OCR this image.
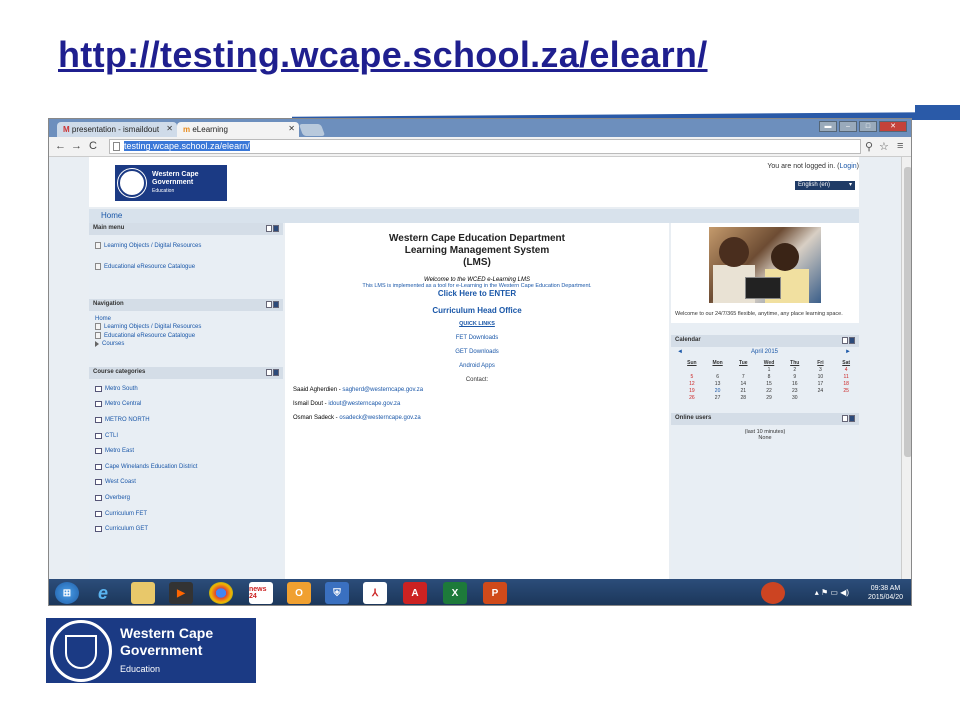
http://testing.wcape.school.za/elearn/
M presentation - ismaildout ✕	m eLearning	✕	▬	–	□	✕
← → C	testing.wcape.school.za/elearn/	⚲ ☆ ≡
Western Cape
Government
Education
You are not logged in. (Login)
English (en)	▾
Home
Main menu
Learning Objects / Digital Resources
Educational eResource Catalogue
Navigation
Home
Learning Objects / Digital Resources
Educational eResource Catalogue
Courses
Course categories
Metro South
Metro Central
METRO NORTH
CTLI
Metro East
Cape Winelands Education District
West Coast
Overberg
Curriculum FET
Curriculum GET
Western Cape Education Department
Learning Management System
(LMS)
Welcome to the WCED e-Learning LMS
This LMS is implemented as a tool for e-Learning in the Western Cape Education Department.
Click Here to ENTER
Curriculum Head Office
QUICK LINKS
FET Downloads
GET Downloads
Android Apps
Contact:
Saaid Agherdien - sagherd@westerncape.gov.za
Ismail Dout - idout@westerncape.gov.za
Osman Sadeck - osadeck@westerncape.gov.za
Welcome to our 24/7/365 flexible, anytime, any place learning space.
Calendar
◄	April 2015	►
Sun	Mon	Tue	Wed	Thu	Fri	Sat
			1	2	3	4
5	6	7	8	9	10	11
12	13	14	15	16	17	18
19	20	21	22	23	24	25
26	27	28	29	30		
Online users
(last 10 minutes)
None
⊞	e	▶	news 24	O	⛨	⅄	A	X	P	▴ ⚑ ▭ ◀)	09:38 AM
2015/04/20
Western Cape
Government
Education
